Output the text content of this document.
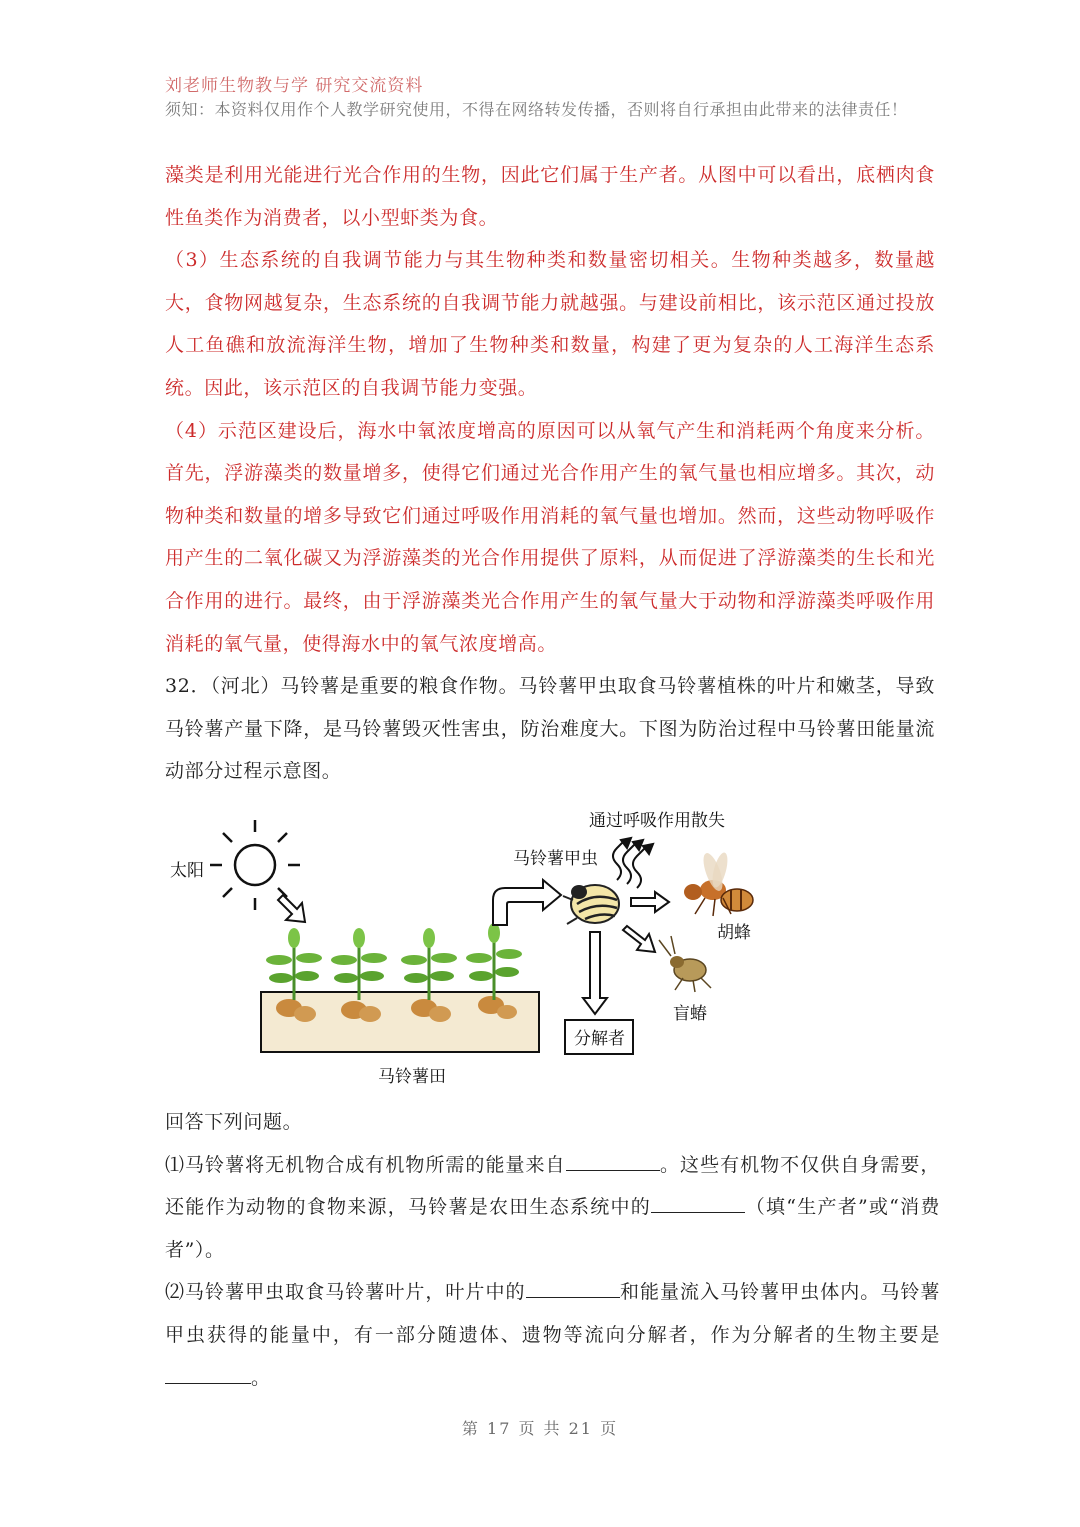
刘老师生物教与学 研究交流资料
须知：本资料仅用作个人教学研究使用，不得在网络转发传播，否则将自行承担由此带来的法律责任！

藻类是利用光能进行光合作用的生物，因此它们属于生产者。从图中可以看出，底栖肉食性鱼类作为消费者，以小型虾类为食。

（3）生态系统的自我调节能力与其生物种类和数量密切相关。生物种类越多，数量越大，食物网越复杂，生态系统的自我调节能力就越强。与建设前相比，该示范区通过投放人工鱼礁和放流海洋生物，增加了生物种类和数量，构建了更为复杂的人工海洋生态系统。因此，该示范区的自我调节能力变强。

（4）示范区建设后，海水中氧浓度增高的原因可以从氧气产生和消耗两个角度来分析。首先，浮游藻类的数量增多，使得它们通过光合作用产生的氧气量也相应增多。其次，动物种类和数量的增多导致它们通过呼吸作用消耗的氧气量也增加。然而，这些动物呼吸作用产生的二氧化碳又为浮游藻类的光合作用提供了原料，从而促进了浮游藻类的生长和光合作用的进行。最终，由于浮游藻类光合作用产生的氧气量大于动物和浮游藻类呼吸作用消耗的氧气量，使得海水中的氧气浓度增高。

32．（河北）马铃薯是重要的粮食作物。马铃薯甲虫取食马铃薯植株的叶片和嫩茎，导致马铃薯产量下降，是马铃薯毁灭性害虫，防治难度大。下图为防治过程中马铃薯田能量流动部分过程示意图。

太阳
马铃薯田
马铃薯甲虫
通过呼吸作用散失
胡蜂
盲蝽
分解者

回答下列问题。

⑴马铃薯将无机物合成有机物所需的能量来自	。这些有机物不仅供自身需要，还能作为动物的食物来源，马铃薯是农田生态系统中的	（填“生产者”或“消费者”）。

⑵马铃薯甲虫取食马铃薯叶片，叶片中的	和能量流入马铃薯甲虫体内。马铃薯甲虫获得的能量中，有一部分随遗体、遗物等流向分解者，作为分解者的生物主要是。

第 17 页 共 21 页
